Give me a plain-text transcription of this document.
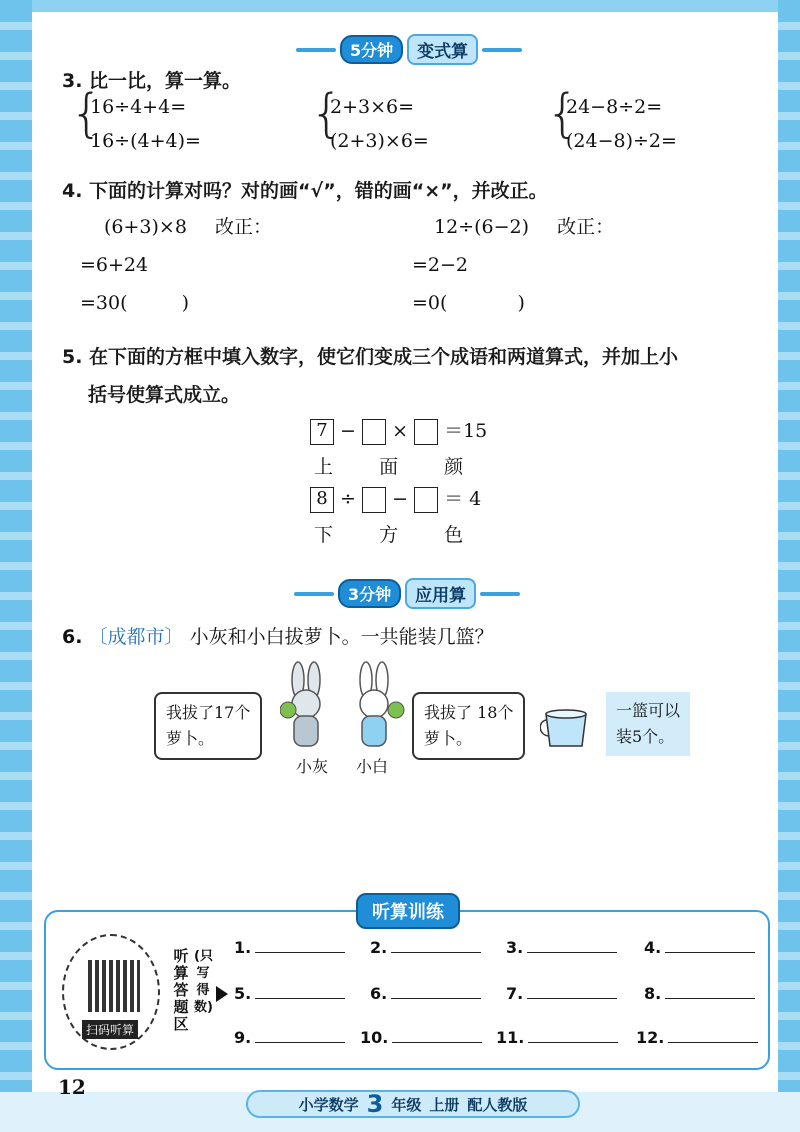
5分钟	变式算
3. 比一比，算一算。
{
16÷4+4=
16÷(4+4)= {
2+3×6=
(2+3)×6= {
24−8÷2=
(24−8)÷2=
4. 下面的计算对吗？对的画“√”，错的画“×”，并改正。
(6+3)×8 改正：
=6+24
=30(	)
12÷(6−2) 改正：
=2−2
=0(	)
5. 在下面的方框中填入数字，使它们变成三个成语和两道算式，并加上小
括号使算式成立。
7 − × ＝15
上 面 颜
8 ÷ − ＝ 4
下 方 色
3分钟	应用算
6. 〔成都市〕 小灰和小白拔萝卜。一共能装几篮？
我拔了17个
萝卜。
小灰 小白
我拔了 18个
萝卜。
一篮可以
装5个。
听算训练
扫码听算
听算答题区
(只写得数)
1.	2.	3.	4.
5.	6.	7.	8.
9.	10.	11.	12.
12
小学数学 3 年级 上册 配人教版
